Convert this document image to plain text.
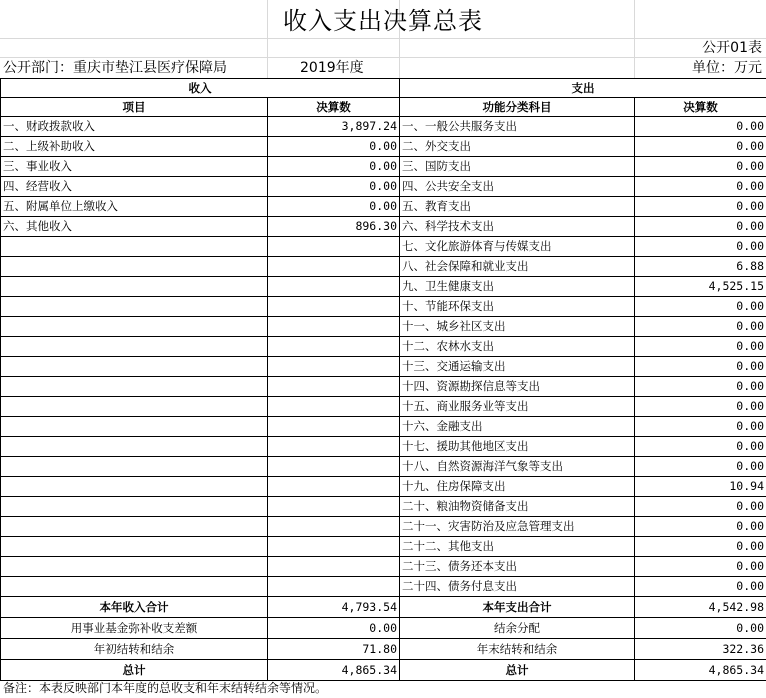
收入支出决算总表
公开01表
公开部门：重庆市垫江县医疗保障局	2019年度	单位：万元
收入		支出	
项目	决算数	功能分类科目	决算数
一、财政拨款收入	3,897.24	一、一般公共服务支出	0.00
二、上级补助收入	0.00	二、外交支出	0.00
三、事业收入	0.00	三、国防支出	0.00
四、经营收入	0.00	四、公共安全支出	0.00
五、附属单位上缴收入	0.00	五、教育支出	0.00
六、其他收入	896.30	六、科学技术支出	0.00
		七、文化旅游体育与传媒支出	0.00
		八、社会保障和就业支出	6.88
		九、卫生健康支出	4,525.15
		十、节能环保支出	0.00
		十一、城乡社区支出	0.00
		十二、农林水支出	0.00
		十三、交通运输支出	0.00
		十四、资源勘探信息等支出	0.00
		十五、商业服务业等支出	0.00
		十六、金融支出	0.00
		十七、援助其他地区支出	0.00
		十八、自然资源海洋气象等支出	0.00
		十九、住房保障支出	10.94
		二十、粮油物资储备支出	0.00
		二十一、灾害防治及应急管理支出	0.00
		二十二、其他支出	0.00
		二十三、债务还本支出	0.00
		二十四、债务付息支出	0.00
本年收入合计	4,793.54	本年支出合计	4,542.98
用事业基金弥补收支差额	0.00	结余分配	0.00
年初结转和结余	71.80	年末结转和结余	322.36
总计	4,865.34	总计	4,865.34
备注：本表反映部门本年度的总收支和年末结转结余等情况。
